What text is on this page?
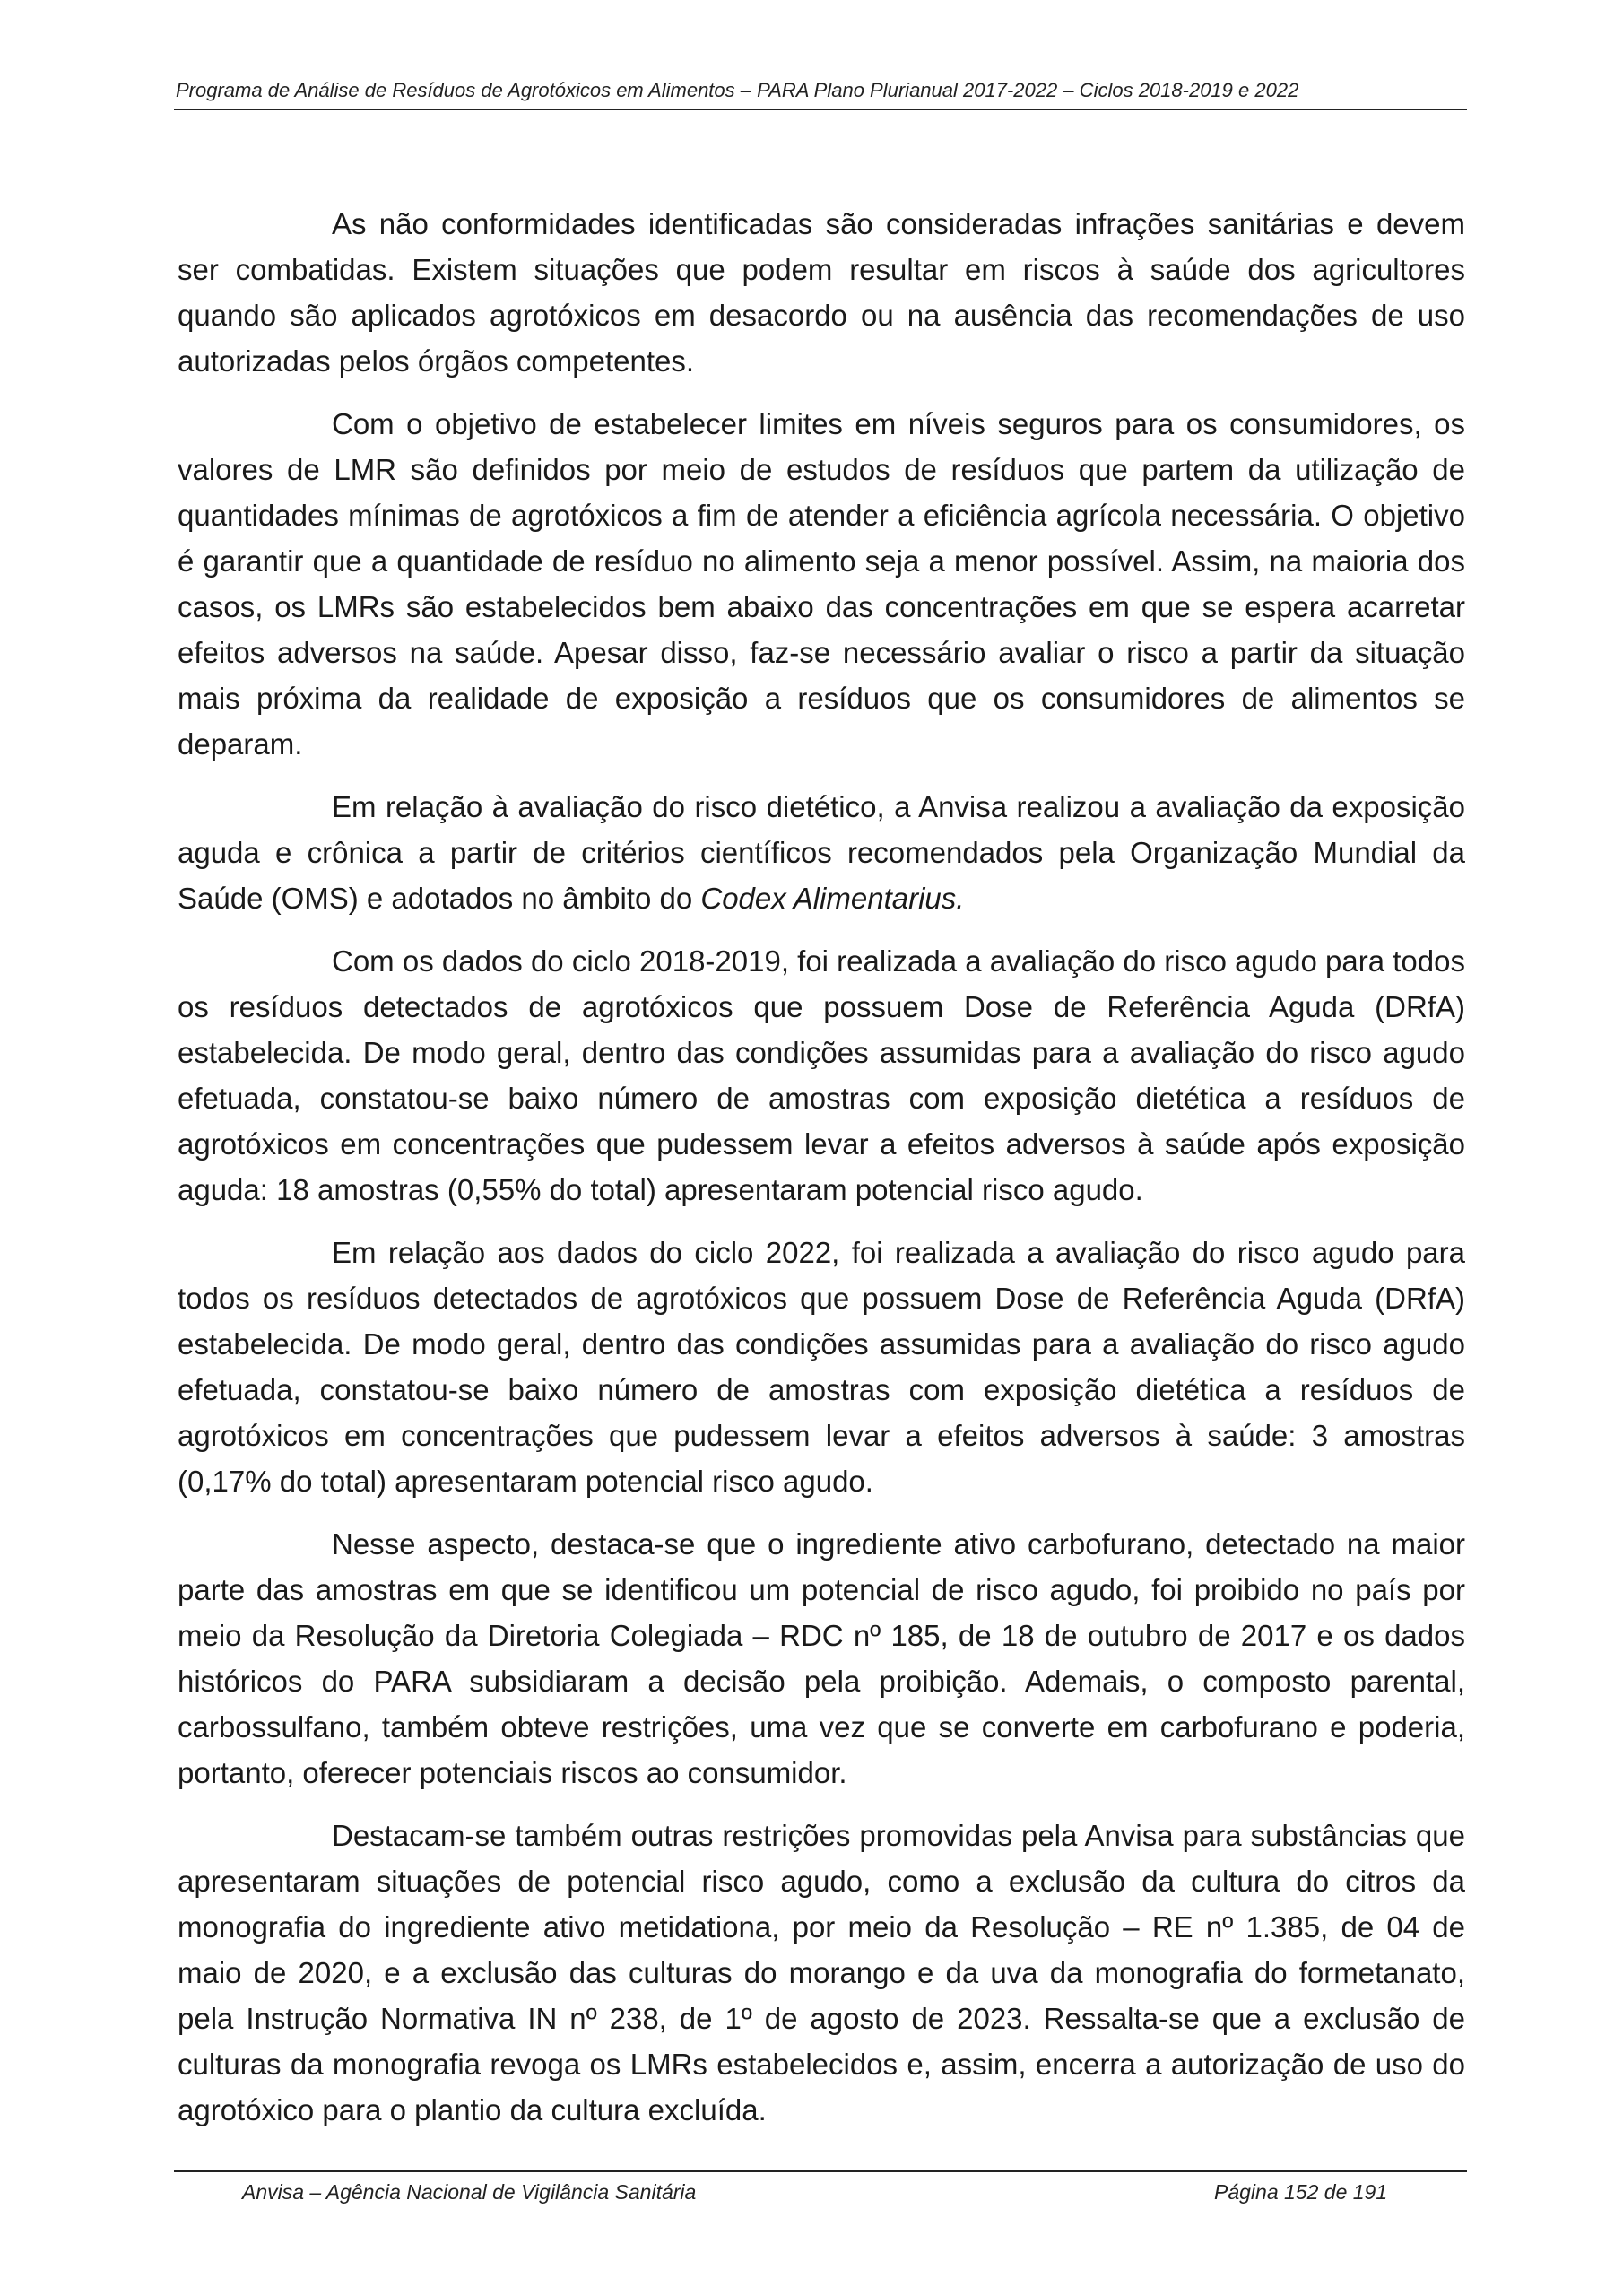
Programa de Análise de Resíduos de Agrotóxicos em Alimentos – PARA Plano Plurianual 2017-2022 – Ciclos 2018-2019 e 2022

As não conformidades identificadas são consideradas infrações sanitárias e devem ser combatidas. Existem situações que podem resultar em riscos à saúde dos agricultores quando são aplicados agrotóxicos em desacordo ou na ausência das recomendações de uso autorizadas pelos órgãos competentes.

Com o objetivo de estabelecer limites em níveis seguros para os consumidores, os valores de LMR são definidos por meio de estudos de resíduos que partem da utilização de quantidades mínimas de agrotóxicos a fim de atender a eficiência agrícola necessária. O objetivo é garantir que a quantidade de resíduo no alimento seja a menor possível. Assim, na maioria dos casos, os LMRs são estabelecidos bem abaixo das concentrações em que se espera acarretar efeitos adversos na saúde. Apesar disso, faz-se necessário avaliar o risco a partir da situação mais próxima da realidade de exposição a resíduos que os consumidores de alimentos se deparam.

Em relação à avaliação do risco dietético, a Anvisa realizou a avaliação da exposição aguda e crônica a partir de critérios científicos recomendados pela Organização Mundial da Saúde (OMS) e adotados no âmbito do Codex Alimentarius.

Com os dados do ciclo 2018-2019, foi realizada a avaliação do risco agudo para todos os resíduos detectados de agrotóxicos que possuem Dose de Referência Aguda (DRfA) estabelecida. De modo geral, dentro das condições assumidas para a avaliação do risco agudo efetuada, constatou-se baixo número de amostras com exposição dietética a resíduos de agrotóxicos em concentrações que pudessem levar a efeitos adversos à saúde após exposição aguda: 18 amostras (0,55% do total) apresentaram potencial risco agudo.

Em relação aos dados do ciclo 2022, foi realizada a avaliação do risco agudo para todos os resíduos detectados de agrotóxicos que possuem Dose de Referência Aguda (DRfA) estabelecida. De modo geral, dentro das condições assumidas para a avaliação do risco agudo efetuada, constatou-se baixo número de amostras com exposição dietética a resíduos de agrotóxicos em concentrações que pudessem levar a efeitos adversos à saúde: 3 amostras (0,17% do total) apresentaram potencial risco agudo.

Nesse aspecto, destaca-se que o ingrediente ativo carbofurano, detectado na maior parte das amostras em que se identificou um potencial de risco agudo, foi proibido no país por meio da Resolução da Diretoria Colegiada – RDC nº 185, de 18 de outubro de 2017 e os dados históricos do PARA subsidiaram a decisão pela proibição. Ademais, o composto parental, carbossulfano, também obteve restrições, uma vez que se converte em carbofurano e poderia, portanto, oferecer potenciais riscos ao consumidor.

Destacam-se também outras restrições promovidas pela Anvisa para substâncias que apresentaram situações de potencial risco agudo, como a exclusão da cultura do citros da monografia do ingrediente ativo metidationa, por meio da Resolução – RE nº 1.385, de 04 de maio de 2020, e a exclusão das culturas do morango e da uva da monografia do formetanato, pela Instrução Normativa IN nº 238, de 1º de agosto de 2023. Ressalta-se que a exclusão de culturas da monografia revoga os LMRs estabelecidos e, assim, encerra a autorização de uso do agrotóxico para o plantio da cultura excluída.

Anvisa – Agência Nacional de Vigilância Sanitária	Página 152 de 191
